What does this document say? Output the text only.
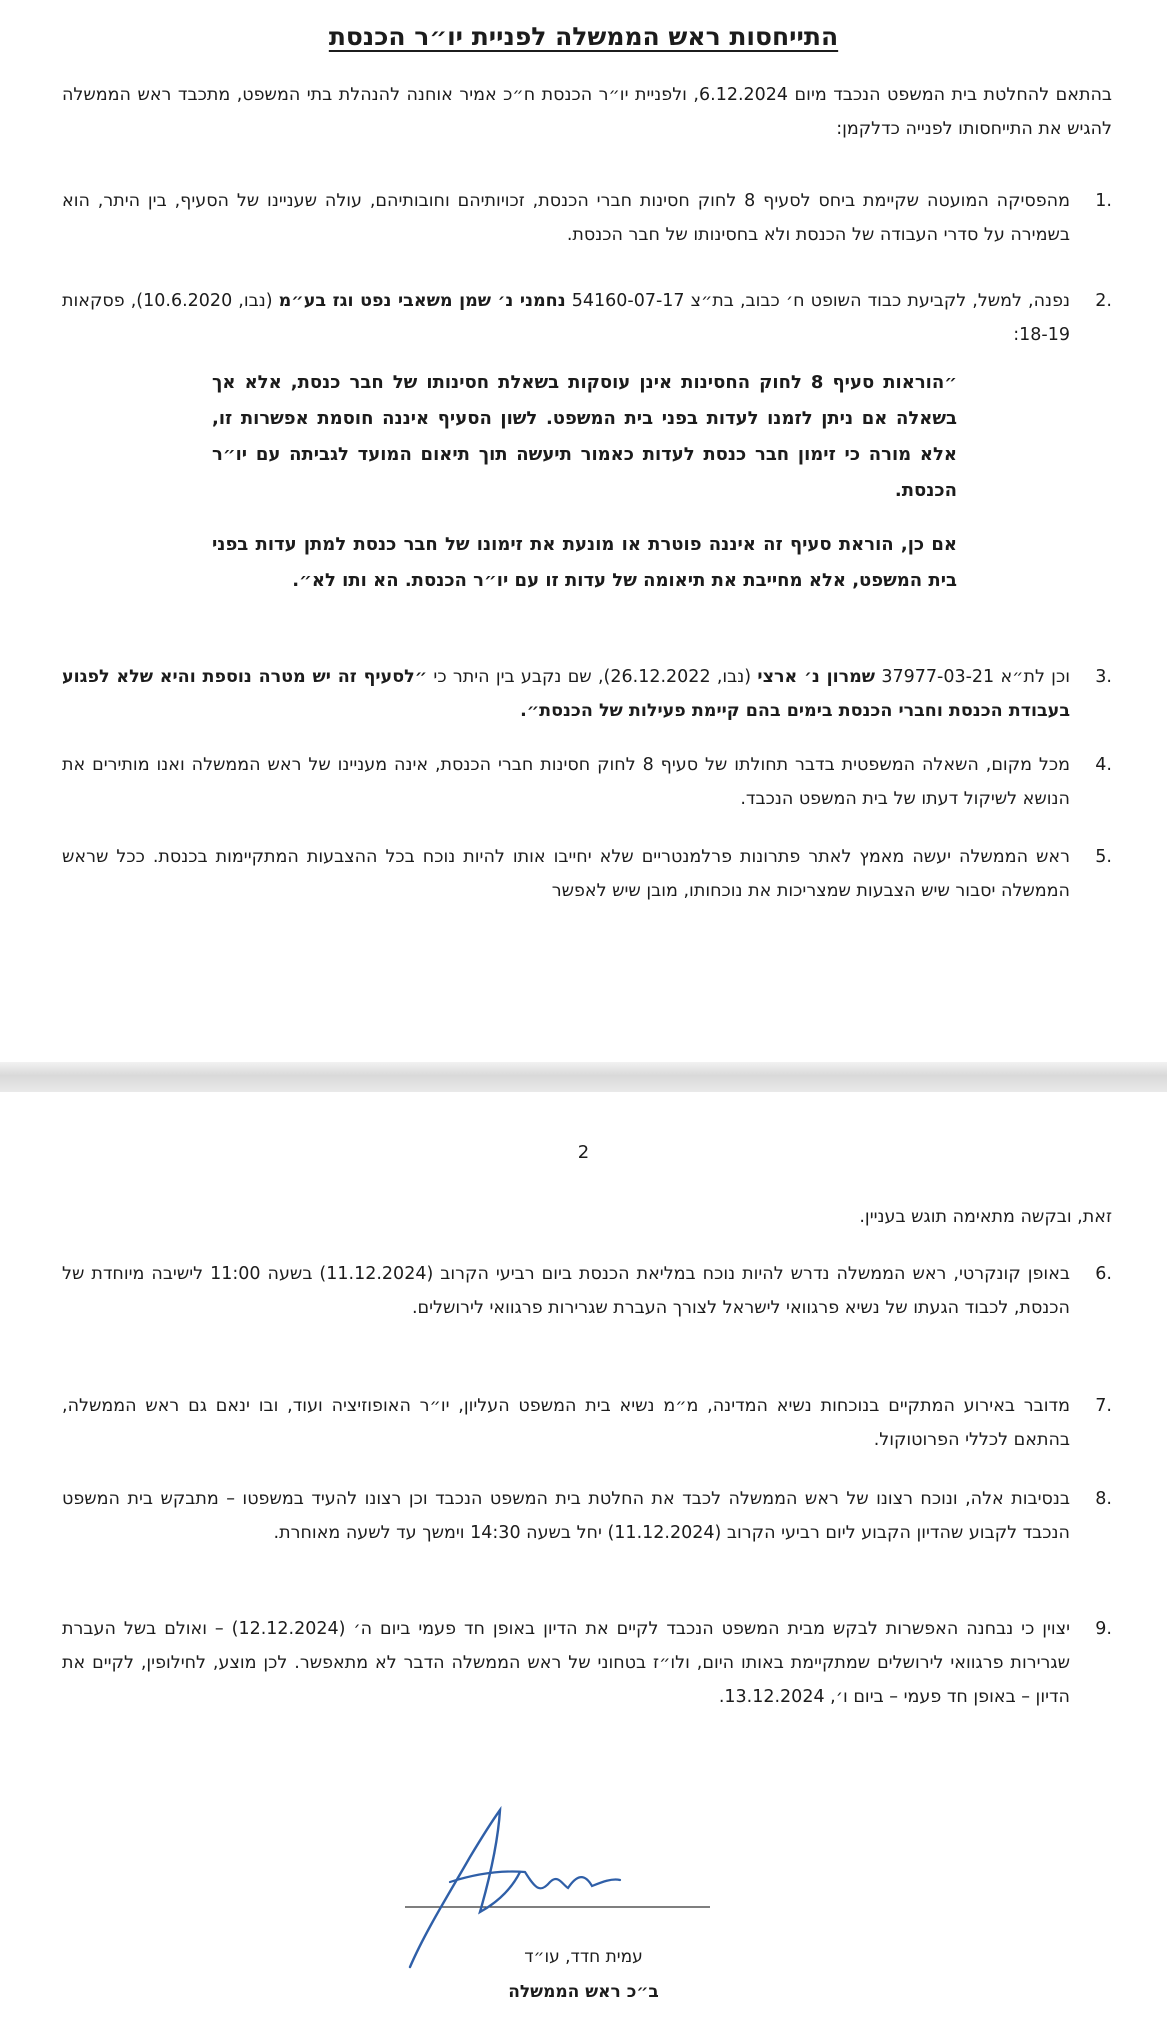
התייחסות ראש הממשלה לפניית יו״ר הכנסת

בהתאם להחלטת בית המשפט הנכבד מיום 6.12.2024, ולפניית יו״ר הכנסת ח״כ אמיר אוחנה להנהלת בתי המשפט, מתכבד ראש הממשלה להגיש את התייחסותו לפנייה כדלקמן:

.1
מהפסיקה המועטה שקיימת ביחס לסעיף 8 לחוק חסינות חברי הכנסת, זכויותיהם וחובותיהם, עולה שעניינו של הסעיף, בין היתר, הוא בשמירה על סדרי העבודה של הכנסת ולא בחסינותו של חבר הכנסת.
.2
נפנה, למשל, לקביעת כבוד השופט ח׳ כבוב, בת״צ 54160-07-17 נחמני נ׳ שמן משאבי נפט וגז בע״מ (נבו, 10.6.2020), פסקאות 18-19:

״הוראות סעיף 8 לחוק החסינות אינן עוסקות בשאלת חסינותו של חבר כנסת, אלא אך בשאלה אם ניתן לזמנו לעדות בפני בית המשפט. לשון הסעיף איננה חוסמת אפשרות זו, אלא מורה כי זימון חבר כנסת לעדות כאמור תיעשה תוך תיאום המועד לגביתה עם יו״ר הכנסת.

אם כן, הוראת סעיף זה איננה פוטרת או מונעת את זימונו של חבר כנסת למתן עדות בפני בית המשפט, אלא מחייבת את תיאומה של עדות זו עם יו״ר הכנסת. הא ותו לא״.

.3
וכן לת״א 37977-03-21 שמרון נ׳ ארצי (נבו, 26.12.2022), שם נקבע בין היתר כי ״לסעיף זה יש מטרה נוספת והיא שלא לפגוע בעבודת הכנסת וחברי הכנסת בימים בהם קיימת פעילות של הכנסת״.
.4
מכל מקום, השאלה המשפטית בדבר תחולתו של סעיף 8 לחוק חסינות חברי הכנסת, אינה מעניינו של ראש הממשלה ואנו מותירים את הנושא לשיקול דעתו של בית המשפט הנכבד.
.5
ראש הממשלה יעשה מאמץ לאתר פתרונות פרלמנטריים שלא יחייבו אותו להיות נוכח בכל ההצבעות המתקיימות בכנסת. ככל שראש הממשלה יסבור שיש הצבעות שמצריכות את נוכחותו, מובן שיש לאפשר
2

זאת, ובקשה מתאימה תוגש בעניין.

.6
באופן קונקרטי, ראש הממשלה נדרש להיות נוכח במליאת הכנסת ביום רביעי הקרוב (11.12.2024) בשעה 11:00 לישיבה מיוחדת של הכנסת, לכבוד הגעתו של נשיא פרגוואי לישראל לצורך העברת שגרירות פרגוואי לירושלים.
.7
מדובר באירוע המתקיים בנוכחות נשיא המדינה, מ״מ נשיא בית המשפט העליון, יו״ר האופוזיציה ועוד, ובו ינאם גם ראש הממשלה, בהתאם לכללי הפרוטוקול.
.8
בנסיבות אלה, ונוכח רצונו של ראש הממשלה לכבד את החלטת בית המשפט הנכבד וכן רצונו להעיד במשפטו – מתבקש בית המשפט הנכבד לקבוע שהדיון הקבוע ליום רביעי הקרוב (11.12.2024) יחל בשעה 14:30 וימשך עד לשעה מאוחרת.
.9
יצוין כי נבחנה האפשרות לבקש מבית המשפט הנכבד לקיים את הדיון באופן חד פעמי ביום ה׳ (12.12.2024) – ואולם בשל העברת שגרירות פרגוואי לירושלים שמתקיימת באותו היום, ולו״ז בטחוני של ראש הממשלה הדבר לא מתאפשר. לכן מוצע, לחילופין, לקיים את הדיון – באופן חד פעמי – ביום ו׳, 13.12.2024.

עמית חדד, עו״ד

ב״כ ראש הממשלה
